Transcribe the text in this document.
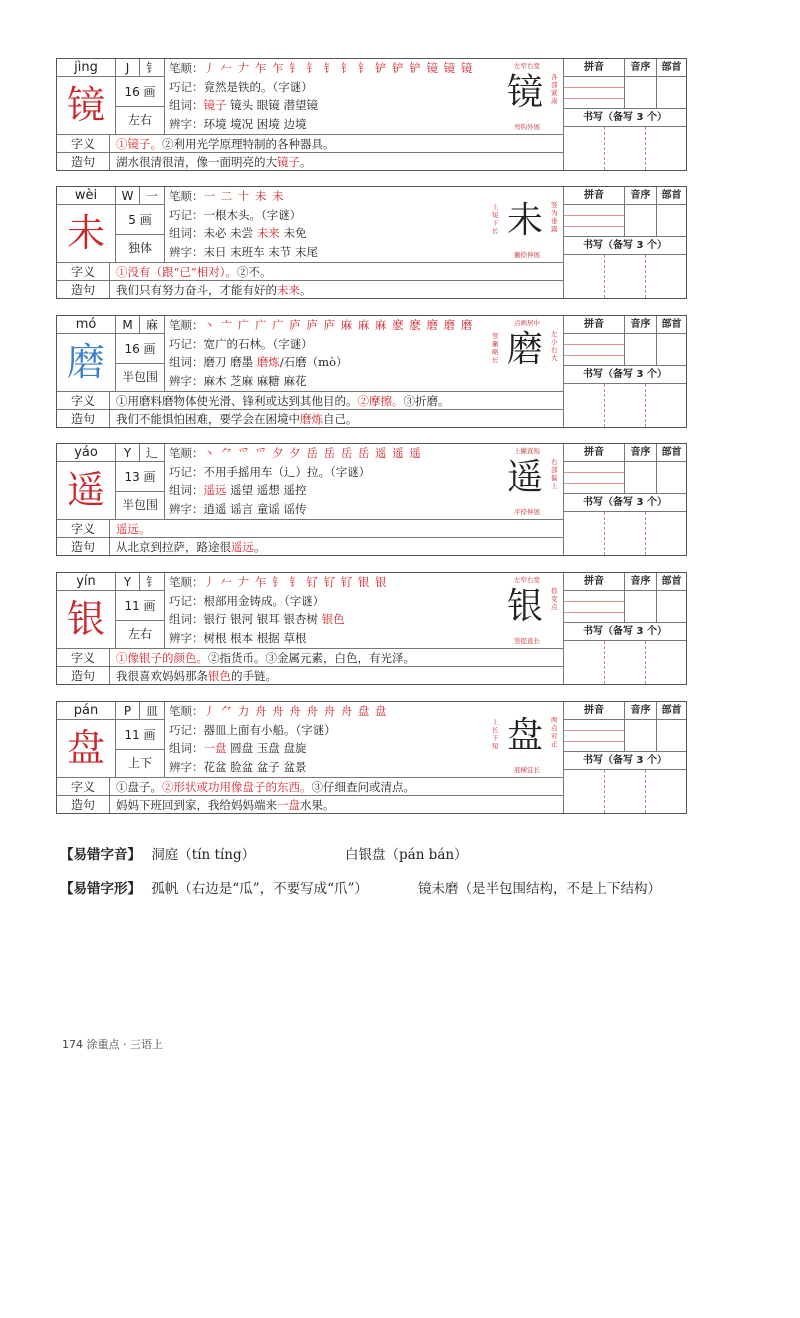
jìng	J	钅
镜	16 画
左右
笔顺：丿 𠂉 𠂇 乍 乍 钅 钅 钅 钅 钅 铲 铲 铲 镜 镜 镜
巧记：竟然是铁的。（字谜）
组词：镜子 镜头 眼镜 潜望镜
辨字：环境 境况 困境 边境
左窄右宽
镜	各部紧凑
弯钩外展
拼音	音序	部首
书写（备写 3 个）
字义	①镜子。②利用光学原理特制的各种器具。
造句	湖水很清很清，像一面明亮的大镜子。
wèi	W	一
未	5 画
独体
笔顺：一 二 十 未 未
巧记：一根木头。（字谜）
组词：未必 未尝 未来 未免
辨字：末日 末班车 末节 末尾
上短下长 未	竖为垂露
撇捺伸展
拼音	音序	部首
书写（备写 3 个）
字义	①没有（跟“已”相对）。②不。
造句	我们只有努力奋斗，才能有好的未来。
mó	M	麻
磨	16 画
半包围
笔顺：丶 亠 广 广 广 庐 庐 庐 麻 麻 麻 麽 麽 磨 磨 磨
巧记：宽广的石林。（字谜）
组词：磨刀 磨墨 磨炼/石磨（mò）
辨字：麻木 芝麻 麻糖 麻花
点画居中
竖撇略长 磨	左小右大
拼音	音序	部首
书写（备写 3 个）
字义	①用磨料磨物体使光滑、锋利或达到其他目的。②摩擦。③折磨。
造句	我们不能惧怕困难，要学会在困境中磨炼自己。
yáo	Y	辶
遥	13 画
半包围
笔顺：丶 ⺈ 爫 爫 夕 夕 岳 岳 岳 岳 遥 遥 遥
巧记：不用手摇用车（辶）拉。（字谜）
组词：遥远 遥望 遥想 遥控
辨字：逍遥 谣言 童谣 谣传
上撇直短
遥	右部偏上
平捺伸展
拼音	音序	部首
书写（备写 3 个）
字义	遥远。
造句	从北京到拉萨，路途很遥远。
yín	Y	钅
银	11 画
左右
笔顺：丿 𠂉 𠂇 乍 钅 钅 钌 钌 钌 银 银
巧记：根部用金铸成。（字谜）
组词：银行 银河 银耳 银杏树 银色
辨字：树根 根本 根据 草根
左窄右宽
银	捺变点
竖提直长
拼音	音序	部首
书写（备写 3 个）
字义	①像银子的颜色。②指货币。③金属元素，白色，有光泽。
造句	我很喜欢妈妈那条银色的手链。
pán	P	皿
盘	11 画
上下
笔顺：丿 ⺈ 力 舟 舟 舟 舟 舟 舟 盘 盘
巧记：器皿上面有小船。（字谜）
组词：一盘 圆盘 玉盘 盘旋
辨字：花盆 脸盆 盆子 盆景
上长下短 盘	两点对正
底横宜长
拼音	音序	部首
书写（备写 3 个）
字义	①盘子。②形状或功用像盘子的东西。③仔细查问或清点。
造句	妈妈下班回到家，我给妈妈端来一盘水果。
【易错字音】 洞庭（tín tíng）	白银盘（pán bán）
【易错字形】 孤帆（右边是“瓜”，不要写成“爪”）	镜未磨（是半包围结构，不是上下结构）
174 涂重点 · 三语上
